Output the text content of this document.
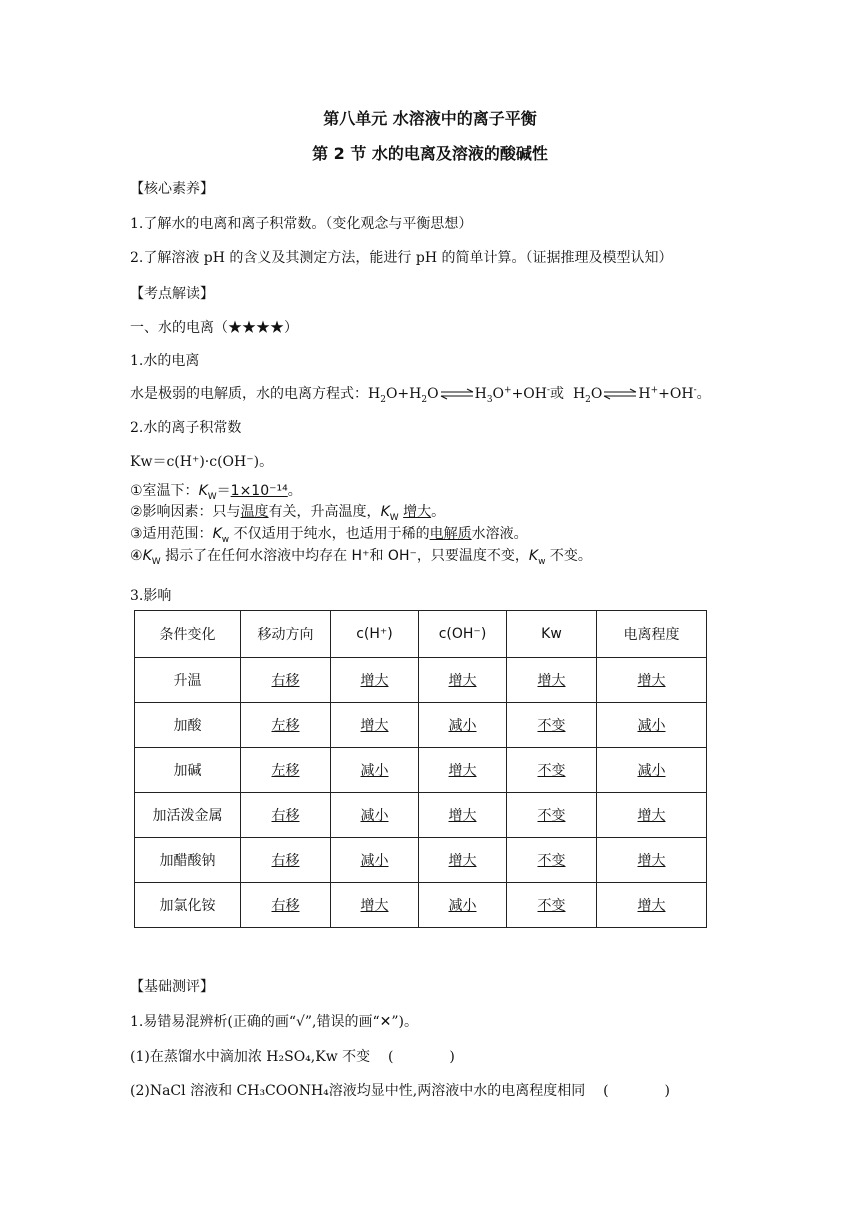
第八单元 水溶液中的离子平衡
第 2 节 水的电离及溶液的酸碱性
【核心素养】
1.了解水的电离和离子积常数。（变化观念与平衡思想）
2.了解溶液 pH 的含义及其测定方法，能进行 pH 的简单计算。（证据推理及模型认知）
【考点解读】
一、水的电离（★★★★）
1.水的电离
水是极弱的电解质，水的电离方程式：$H_2O+H_2O\rightleftharpoons H_3O^++OH^-$或  $H_2O\rightleftharpoons H^++OH^-$。
2.水的离子积常数
Kw＝c(H⁺)·c(OH⁻)。
①室温下：$K_W=1\times 10^{-14}$。
②影响因素：只与温度有关，升高温度，$K_W$ 增大。
③适用范围：$K_w$ 不仅适用于纯水，也适用于稀的电解质水溶液。
$④K_W$ 揭示了在任何水溶液中均存在 H⁺和 OH⁻，只要温度不变，$K_w$ 不变。
3.影响
条件变化	移动方向	c(H⁺)	c(OH⁻)	Kw	电离程度
升温	右移	增大	增大	增大	增大
加酸	左移	增大	减小	不变	减小
加碱	左移	减小	增大	不变	减小
加活泼金属	右移	减小	增大	不变	增大
加醋酸钠	右移	减小	增大	不变	增大
加氯化铵	右移	增大	减小	不变	增大
【基础测评】
1.易错易混辨析(正确的画“√”,错误的画“✕”)。
(1)在蒸馏水中滴加浓 H₂SO₄,Kw 不变 (	)
(2)NaCl 溶液和 CH₃COONH₄溶液均显中性,两溶液中水的电离程度相同 (	)
